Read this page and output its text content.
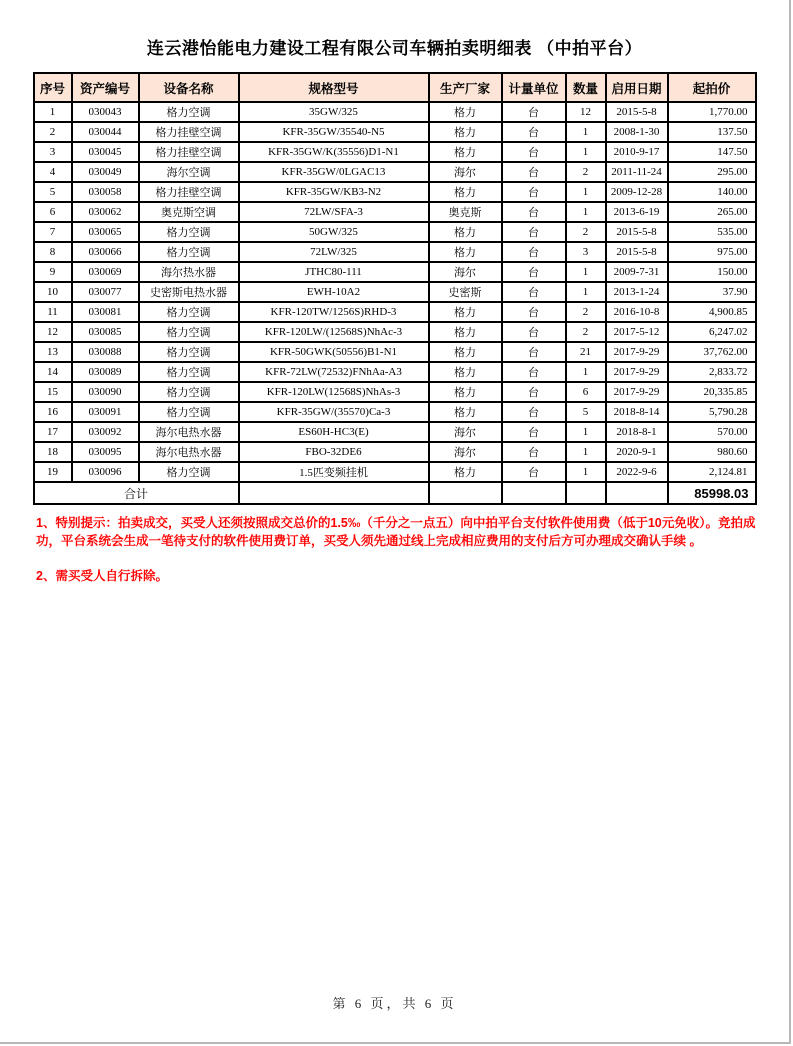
连云港怡能电力建设工程有限公司车辆拍卖明细表 （中拍平台）
序号	资产编号	设备名称	规格型号	生产厂家	计量单位	数量	启用日期	起拍价
1	030043	格力空调	35GW/325	格力	台	12	2015-5-8	1,770.00
2	030044	格力挂壁空调	KFR-35GW/35540-N5	格力	台	1	2008-1-30	137.50
3	030045	格力挂壁空调	KFR-35GW/K(35556)D1-N1	格力	台	1	2010-9-17	147.50
4	030049	海尔空调	KFR-35GW/0LGAC13	海尔	台	2	2011-11-24	295.00
5	030058	格力挂壁空调	KFR-35GW/KB3-N2	格力	台	1	2009-12-28	140.00
6	030062	奥克斯空调	72LW/SFA-3	奥克斯	台	1	2013-6-19	265.00
7	030065	格力空调	50GW/325	格力	台	2	2015-5-8	535.00
8	030066	格力空调	72LW/325	格力	台	3	2015-5-8	975.00
9	030069	海尔热水器	JTHC80-111	海尔	台	1	2009-7-31	150.00
10	030077	史密斯电热水器	EWH-10A2	史密斯	台	1	2013-1-24	37.90
11	030081	格力空调	KFR-120TW/1256S)RHD-3	格力	台	2	2016-10-8	4,900.85
12	030085	格力空调	KFR-120LW/(12568S)NhAc-3	格力	台	2	2017-5-12	6,247.02
13	030088	格力空调	KFR-50GWK(50556)B1-N1	格力	台	21	2017-9-29	37,762.00
14	030089	格力空调	KFR-72LW(72532)FNhAa-A3	格力	台	1	2017-9-29	2,833.72
15	030090	格力空调	KFR-120LW(12568S)NhAs-3	格力	台	6	2017-9-29	20,335.85
16	030091	格力空调	KFR-35GW/(35570)Ca-3	格力	台	5	2018-8-14	5,790.28
17	030092	海尔电热水器	ES60H-HC3(E)	海尔	台	1	2018-8-1	570.00
18	030095	海尔电热水器	FBO-32DE6	海尔	台	1	2020-9-1	980.60
19	030096	格力空调	1.5匹变频挂机	格力	台	1	2022-9-6	2,124.81
合计								85998.03

1、特别提示：拍卖成交，买受人还须按照成交总价的1.5‰（千分之一点五）向中拍平台支付软件使用费（低于10元免收）。竞拍成功，平台系统会生成一笔待支付的软件使用费订单，买受人须先通过线上完成相应费用的支付后方可办理成交确认手续 。

2、需买受人自行拆除。

第 6 页，共 6 页
